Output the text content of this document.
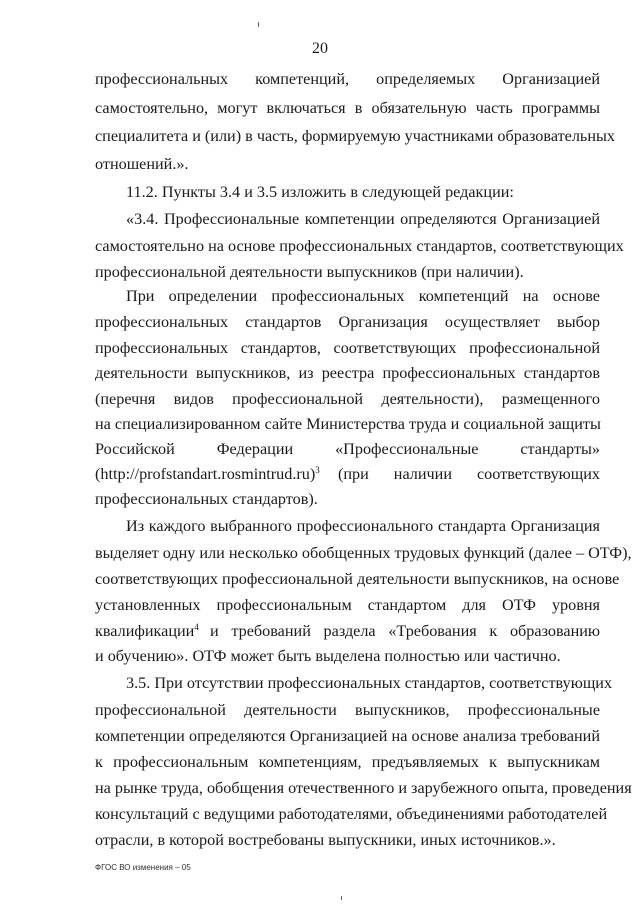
20
профессиональных компетенций, определяемых Организацией
самостоятельно, могут включаться в обязательную часть программы
специалитета и (или) в часть, формируемую участниками образовательных
отношений.».
11.2. Пункты 3.4 и 3.5 изложить в следующей редакции:
«3.4. Профессиональные компетенции определяются Организацией
самостоятельно на основе профессиональных стандартов, соответствующих
профессиональной деятельности выпускников (при наличии).
При определении профессиональных компетенций на основе
профессиональных стандартов Организация осуществляет выбор
профессиональных стандартов, соответствующих профессиональной
деятельности выпускников, из реестра профессиональных стандартов
(перечня видов профессиональной деятельности), размещенного
на специализированном сайте Министерства труда и социальной защиты
Российской Федерации «Профессиональные стандарты»
(http://profstandart.rosmintrud.ru)$^3$ (при наличии соответствующих
профессиональных стандартов).
Из каждого выбранного профессионального стандарта Организация
выделяет одну или несколько обобщенных трудовых функций (далее – ОТФ),
соответствующих профессиональной деятельности выпускников, на основе
установленных профессиональным стандартом для ОТФ уровня
квалификации$^4$ и требований раздела «Требования к образованию
и обучению». ОТФ может быть выделена полностью или частично.
3.5. При отсутствии профессиональных стандартов, соответствующих
профессиональной деятельности выпускников, профессиональные
компетенции определяются Организацией на основе анализа требований
к профессиональным компетенциям, предъявляемых к выпускникам
на рынке труда, обобщения отечественного и зарубежного опыта, проведения
консультаций с ведущими работодателями, объединениями работодателей
отрасли, в которой востребованы выпускники, иных источников.».
ФГОС ВО изменения – 05
